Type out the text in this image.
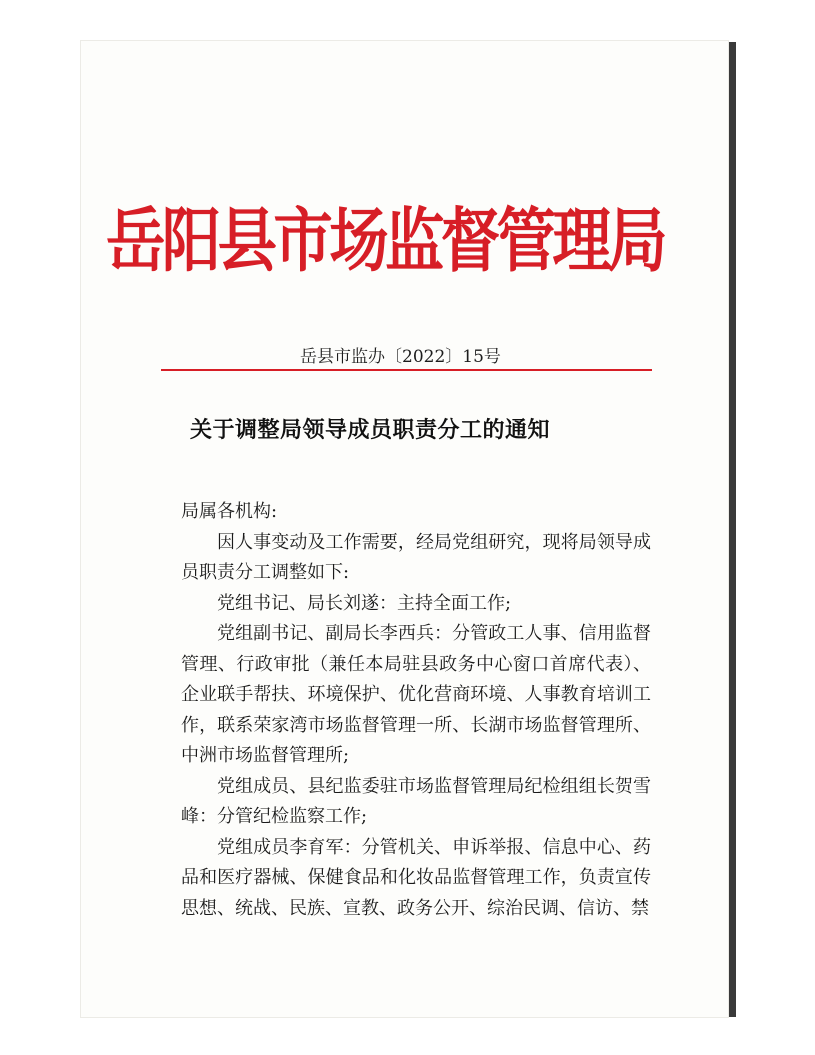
岳阳县市场监督管理局
岳县市监办〔2022〕15号
关于调整局领导成员职责分工的通知

局属各机构:

因人事变动及工作需要，经局党组研究，现将局领导成员职责分工调整如下:

党组书记、局长刘遂：主持全面工作;

党组副书记、副局长李西兵：分管政工人事、信用监督管理、行政审批（兼任本局驻县政务中心窗口首席代表）、企业联手帮扶、环境保护、优化营商环境、人事教育培训工作，联系荣家湾市场监督管理一所、长湖市场监督管理所、中洲市场监督管理所;

党组成员、县纪监委驻市场监督管理局纪检组组长贺雪峰：分管纪检监察工作;

党组成员李育军：分管机关、申诉举报、信息中心、药品和医疗器械、保健食品和化妆品监督管理工作，负责宣传思想、统战、民族、宣教、政务公开、综治民调、信访、禁
